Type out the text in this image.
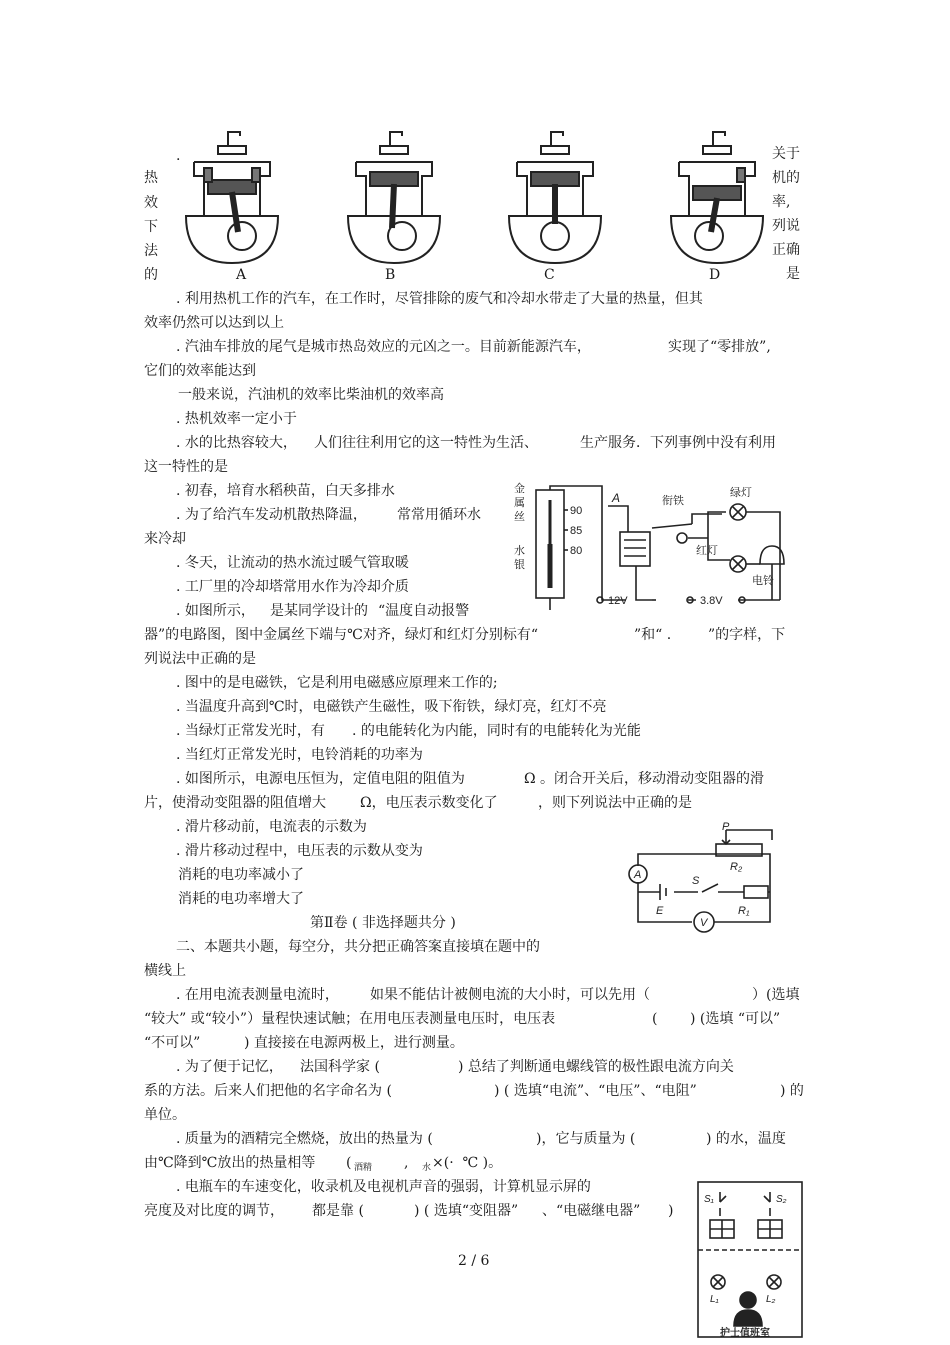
.
热
效
下
法
的
关于
机的
率,
列说
正确
是
A	B	C	D
. 利用热机工作的汽车，在工作时，尽管排除的废气和冷却水带走了大量的热量，但其
效率仍然可以达到以上
. 汽油车排放的尾气是城市热岛效应的元凶之一。目前新能源汽车，	实现了“零排放”,
它们的效率能达到
一般来说，汽油机的效率比柴油机的效率高
. 热机效率一定小于
. 水的比热容较大， 人们往往利用它的这一特性为生活、	生产服务．下列事例中没有利用
这一特性的是
. 初春，培育水稻秧苗，白天多排水
. 为了给汽车发动机散热降温， 常常用循环水
来冷却
. 冬天，让流动的热水流过暖气管取暖
. 工厂里的冷却塔常用水作为冷却介质
金
属
丝
水
银
90
85
80
A	衔铁
绿灯
红灯
电铃
12V	3.8V
. 如图所示， 是某同学设计的 “温度自动报警
器”的电路图，图中金属丝下端与℃对齐，绿灯和红灯分别标有“	”和“ .	”的字样，下
列说法中正确的是
. 图中的是电磁铁，它是利用电磁感应原理来工作的;
. 当温度升高到℃时，电磁铁产生磁性，吸下衔铁，绿灯亮，红灯不亮
. 当绿灯正常发光时，有 . 的电能转化为内能，同时有的电能转化为光能
. 当红灯正常发光时，电铃消耗的功率为
. 如图所示，电源电压恒为，定值电阻的阻值为	Ω 。闭合开关后，移动滑动变阻器的滑
片，使滑动变阻器的阻值增大 Ω，电压表示数变化了	，则下列说法中正确的是
. 滑片移动前，电流表的示数为
. 滑片移动过程中，电压表的示数从变为
消耗的电功率减小了
消耗的电功率增大了
P
A
R₂
S
E	R₁
V
第Ⅱ卷 ( 非选择题共分 )
二、本题共小题，每空分，共分把正确答案直接填在题中的
横线上
. 在用电流表测量电流时， 如果不能估计被侧电流的大小时，可以先用（	）(选填
“较大” 或“较小”）量程快速试触；在用电压表测量电压时，电压表	( ) (选填 “可以”
“不可以”	) 直接接在电源两极上，进行测量。
. 为了便于记忆， 法国科学家 (	) 总结了判断通电螺线管的极性跟电流方向关
系的方法。后来人们把他的名字命名为 (	) ( 选填“电流”、“电压”、“电阻”	) 的
单位。
. 质量为的酒精完全燃烧，放出的热量为 (	)，它与质量为 (	) 的水，温度
由℃降到℃放出的热量相等 ( 酒精 , 水 ×(·  ℃ )。
. 电瓶车的车速变化，收录机及电视机声音的强弱，计算机显示屏的
亮度及对比度的调节， 都是靠 (	) ( 选填“变阻器” 、“电磁继电器” )
S₁	S₂
L₁	L₂
护士值班室
2 / 6
